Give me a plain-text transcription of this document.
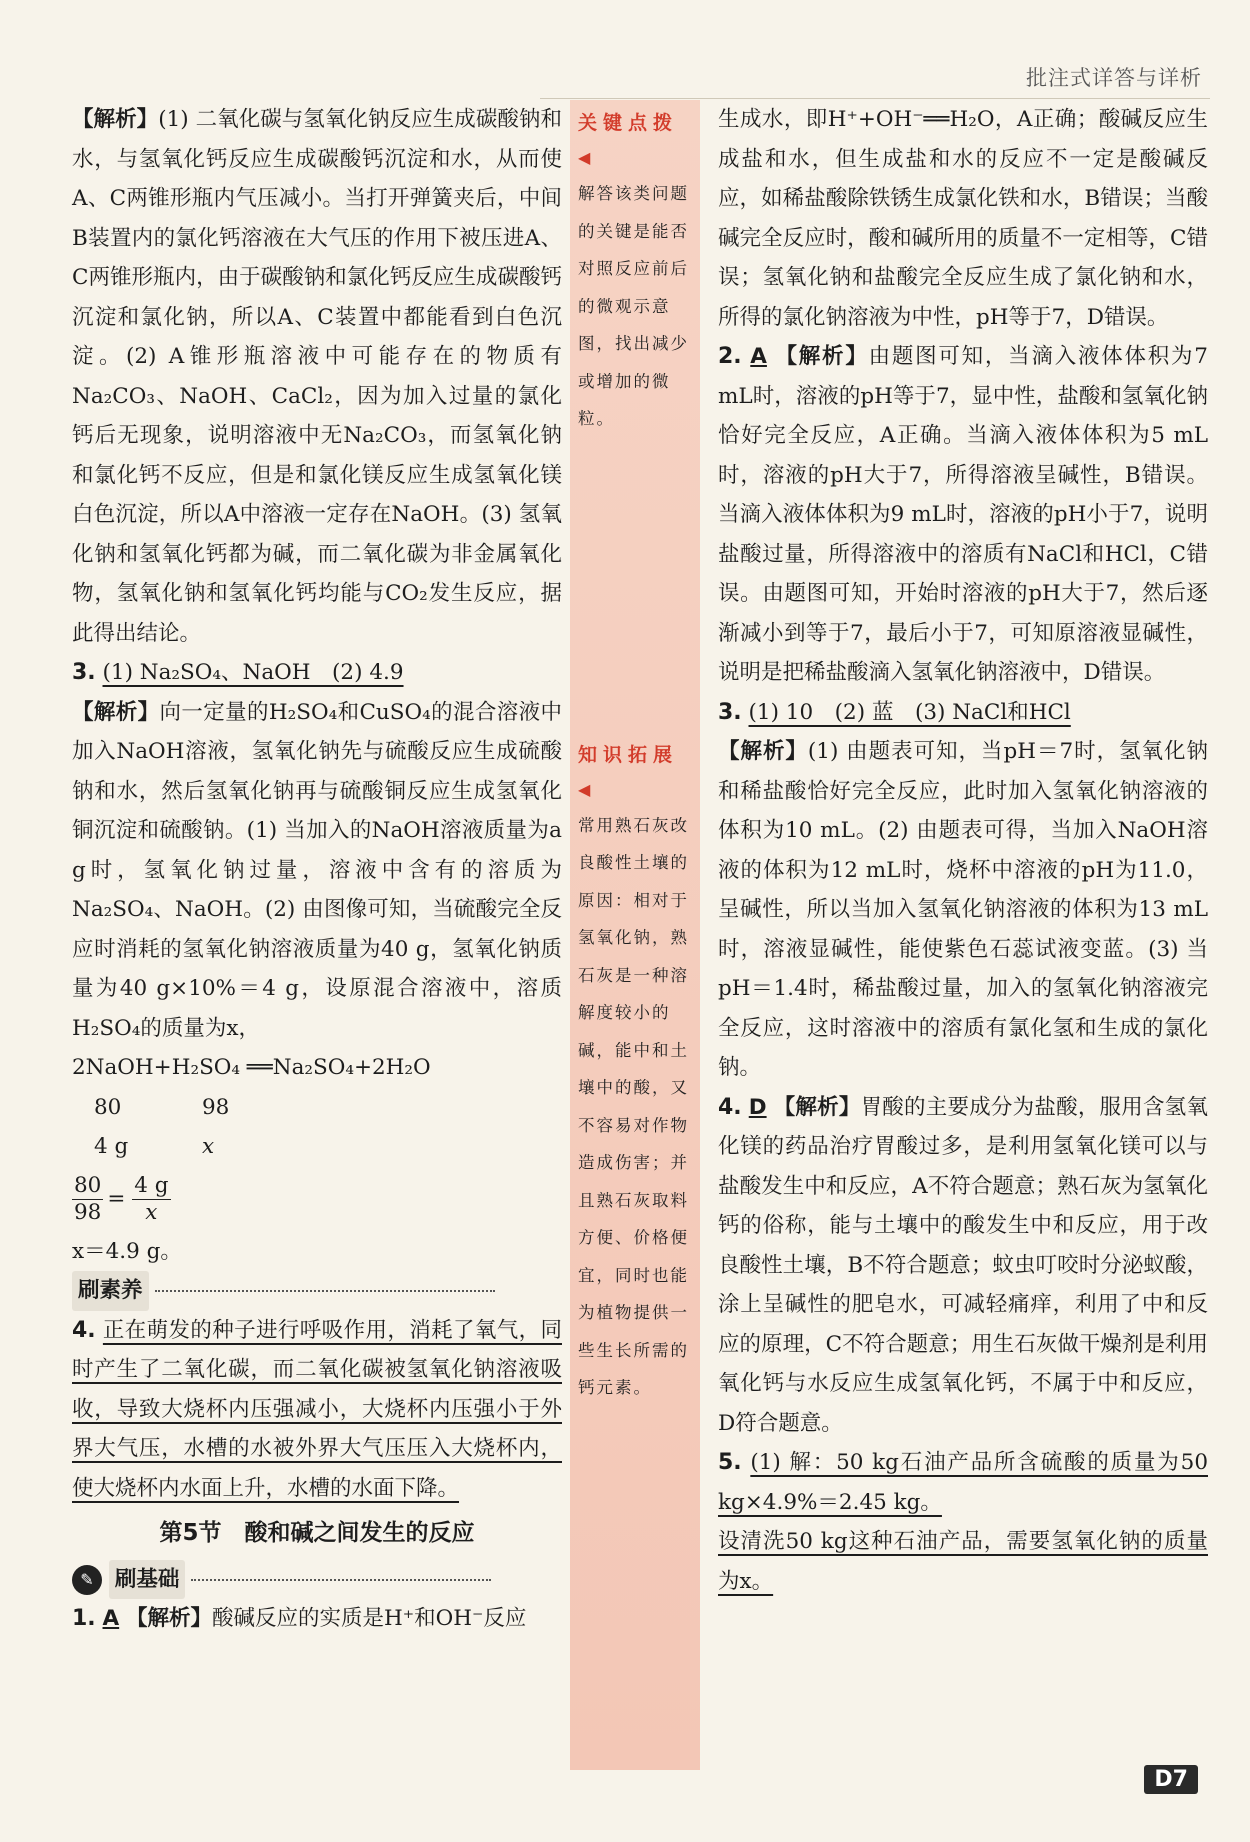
批注式详答与详析

【解析】(1) 二氧化碳与氢氧化钠反应生成碳酸钠和水，与氢氧化钙反应生成碳酸钙沉淀和水，从而使A、C两锥形瓶内气压减小。当打开弹簧夹后，中间B装置内的氯化钙溶液在大气压的作用下被压进A、C两锥形瓶内，由于碳酸钠和氯化钙反应生成碳酸钙沉淀和氯化钠，所以A、C装置中都能看到白色沉淀。(2) A锥形瓶溶液中可能存在的物质有Na₂CO₃、NaOH、CaCl₂，因为加入过量的氯化钙后无现象，说明溶液中无Na₂CO₃，而氢氧化钠和氯化钙不反应，但是和氯化镁反应生成氢氧化镁白色沉淀，所以A中溶液一定存在NaOH。(3) 氢氧化钠和氢氧化钙都为碱，而二氧化碳为非金属氧化物，氢氧化钠和氢氧化钙均能与CO₂发生反应，据此得出结论。

3. (1) Na₂SO₄、NaOH　(2) 4.9

【解析】向一定量的H₂SO₄和CuSO₄的混合溶液中加入NaOH溶液，氢氧化钠先与硫酸反应生成硫酸钠和水，然后氢氧化钠再与硫酸铜反应生成氢氧化铜沉淀和硫酸钠。(1) 当加入的NaOH溶液质量为a g时，氢氧化钠过量，溶液中含有的溶质为Na₂SO₄、NaOH。(2) 由图像可知，当硫酸完全反应时消耗的氢氧化钠溶液质量为40 g，氢氧化钠质量为40 g×10%＝4 g，设原混合溶液中，溶质H₂SO₄的质量为x，

2NaOH+H₂SO₄ ══Na₂SO₄+2H₂O

80	98

4 g	x

$\frac{80}{98} = \frac{4 g}{x}$

x＝4.9 g。

刷素养

4. 正在萌发的种子进行呼吸作用，消耗了氧气，同时产生了二氧化碳，而二氧化碳被氢氧化钠溶液吸收，导致大烧杯内压强减小，大烧杯内压强小于外界大气压，水槽的水被外界大气压压入大烧杯内，使大烧杯内水面上升，水槽的水面下降。

第5节　酸和碱之间发生的反应

✎ 刷基础

1. A 【解析】酸碱反应的实质是H⁺和OH⁻反应

关键点拨◀
解答该类问题的关键是能否对照反应前后的微观示意图，找出减少或增加的微粒。
知识拓展◀
常用熟石灰改良酸性土壤的原因：相对于氢氧化钠，熟石灰是一种溶解度较小的碱，能中和土壤中的酸，又不容易对作物造成伤害；并且熟石灰取料方便、价格便宜，同时也能为植物提供一些生长所需的钙元素。

生成水，即H⁺+OH⁻══H₂O，A正确；酸碱反应生成盐和水，但生成盐和水的反应不一定是酸碱反应，如稀盐酸除铁锈生成氯化铁和水，B错误；当酸碱完全反应时，酸和碱所用的质量不一定相等，C错误；氢氧化钠和盐酸完全反应生成了氯化钠和水，所得的氯化钠溶液为中性，pH等于7，D错误。

2. A 【解析】由题图可知，当滴入液体体积为7 mL时，溶液的pH等于7，显中性，盐酸和氢氧化钠恰好完全反应，A正确。当滴入液体体积为5 mL时，溶液的pH大于7，所得溶液呈碱性，B错误。当滴入液体体积为9 mL时，溶液的pH小于7，说明盐酸过量，所得溶液中的溶质有NaCl和HCl，C错误。由题图可知，开始时溶液的pH大于7，然后逐渐减小到等于7，最后小于7，可知原溶液显碱性，说明是把稀盐酸滴入氢氧化钠溶液中，D错误。

3. (1) 10　(2) 蓝　(3) NaCl和HCl

【解析】(1) 由题表可知，当pH＝7时，氢氧化钠和稀盐酸恰好完全反应，此时加入氢氧化钠溶液的体积为10 mL。(2) 由题表可得，当加入NaOH溶液的体积为12 mL时，烧杯中溶液的pH为11.0，呈碱性，所以当加入氢氧化钠溶液的体积为13 mL时，溶液显碱性，能使紫色石蕊试液变蓝。(3) 当pH＝1.4时，稀盐酸过量，加入的氢氧化钠溶液完全反应，这时溶液中的溶质有氯化氢和生成的氯化钠。

4. D 【解析】胃酸的主要成分为盐酸，服用含氢氧化镁的药品治疗胃酸过多，是利用氢氧化镁可以与盐酸发生中和反应，A不符合题意；熟石灰为氢氧化钙的俗称，能与土壤中的酸发生中和反应，用于改良酸性土壤，B不符合题意；蚊虫叮咬时分泌蚁酸，涂上呈碱性的肥皂水，可减轻痛痒，利用了中和反应的原理，C不符合题意；用生石灰做干燥剂是利用氧化钙与水反应生成氢氧化钙，不属于中和反应，D符合题意。

5. (1) 解：50 kg石油产品所含硫酸的质量为50 kg×4.9%＝2.45 kg。

设清洗50 kg这种石油产品，需要氢氧化钠的质量为x。

D7
